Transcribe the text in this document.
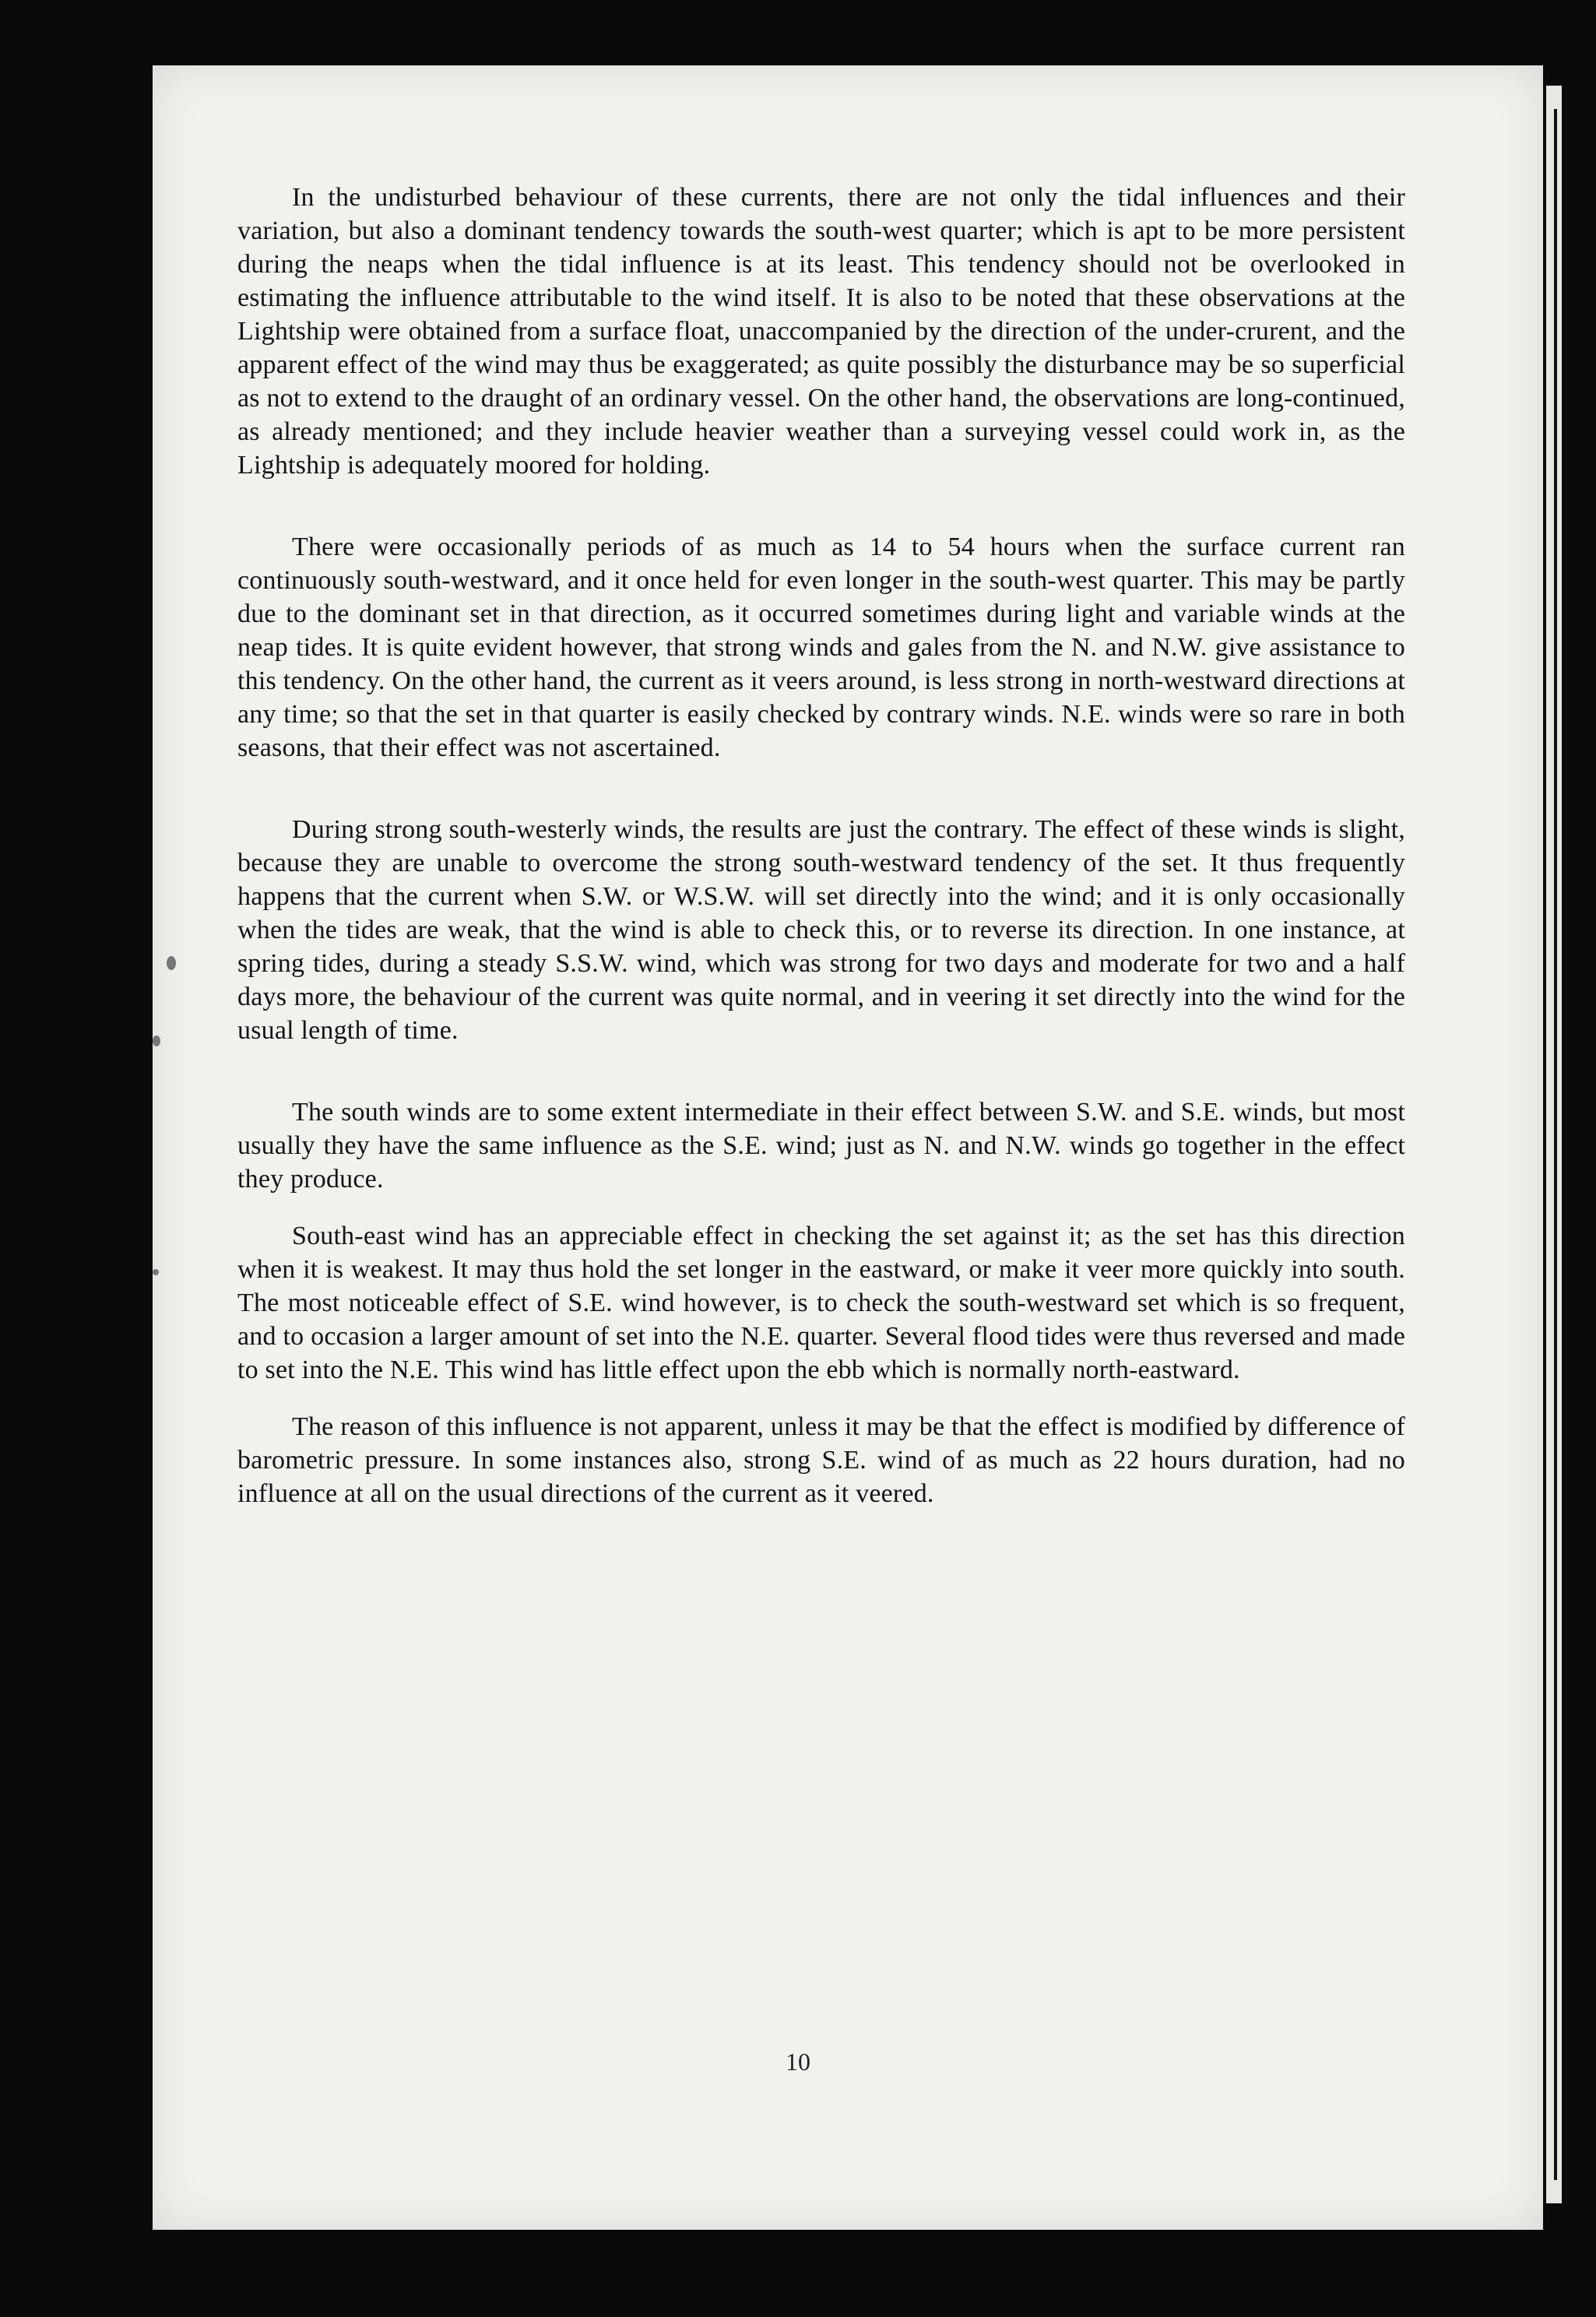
In the undisturbed behaviour of these currents, there are not only the tidal influences and their variation, but also a dominant tendency towards the south-west quarter; which is apt to be more persistent during the neaps when the tidal influence is at its least. This tendency should not be overlooked in estimating the influence attributable to the wind itself. It is also to be noted that these observations at the Lightship were obtained from a surface float, unaccompanied by the direction of the under-crurent, and the apparent effect of the wind may thus be exaggerated; as quite possibly the disturbance may be so superficial as not to extend to the draught of an ordinary vessel. On the other hand, the observations are long-continued, as already mentioned; and they include heavier weather than a surveying vessel could work in, as the Lightship is adequately moored for holding.

There were occasionally periods of as much as 14 to 54 hours when the surface current ran continuously south-westward, and it once held for even longer in the south-west quarter. This may be partly due to the dominant set in that direction, as it occurred sometimes during light and variable winds at the neap tides. It is quite evident however, that strong winds and gales from the N. and N.W. give assistance to this tendency. On the other hand, the current as it veers around, is less strong in north-westward directions at any time; so that the set in that quarter is easily checked by contrary winds. N.E. winds were so rare in both seasons, that their effect was not ascertained.

During strong south-westerly winds, the results are just the contrary. The effect of these winds is slight, because they are unable to overcome the strong south-westward tendency of the set. It thus frequently happens that the current when S.W. or W.S.W. will set directly into the wind; and it is only occasionally when the tides are weak, that the wind is able to check this, or to reverse its direction. In one instance, at spring tides, during a steady S.S.W. wind, which was strong for two days and moderate for two and a half days more, the behaviour of the current was quite normal, and in veering it set directly into the wind for the usual length of time.

The south winds are to some extent intermediate in their effect between S.W. and S.E. winds, but most usually they have the same influence as the S.E. wind; just as N. and N.W. winds go together in the effect they produce.

South-east wind has an appreciable effect in checking the set against it; as the set has this direction when it is weakest. It may thus hold the set longer in the eastward, or make it veer more quickly into south. The most noticeable effect of S.E. wind however, is to check the south-westward set which is so frequent, and to occasion a larger amount of set into the N.E. quarter. Several flood tides were thus reversed and made to set into the N.E. This wind has little effect upon the ebb which is normally north-eastward.

The reason of this influence is not apparent, unless it may be that the effect is modified by difference of barometric pressure. In some instances also, strong S.E. wind of as much as 22 hours duration, had no influence at all on the usual directions of the current as it veered.

10
